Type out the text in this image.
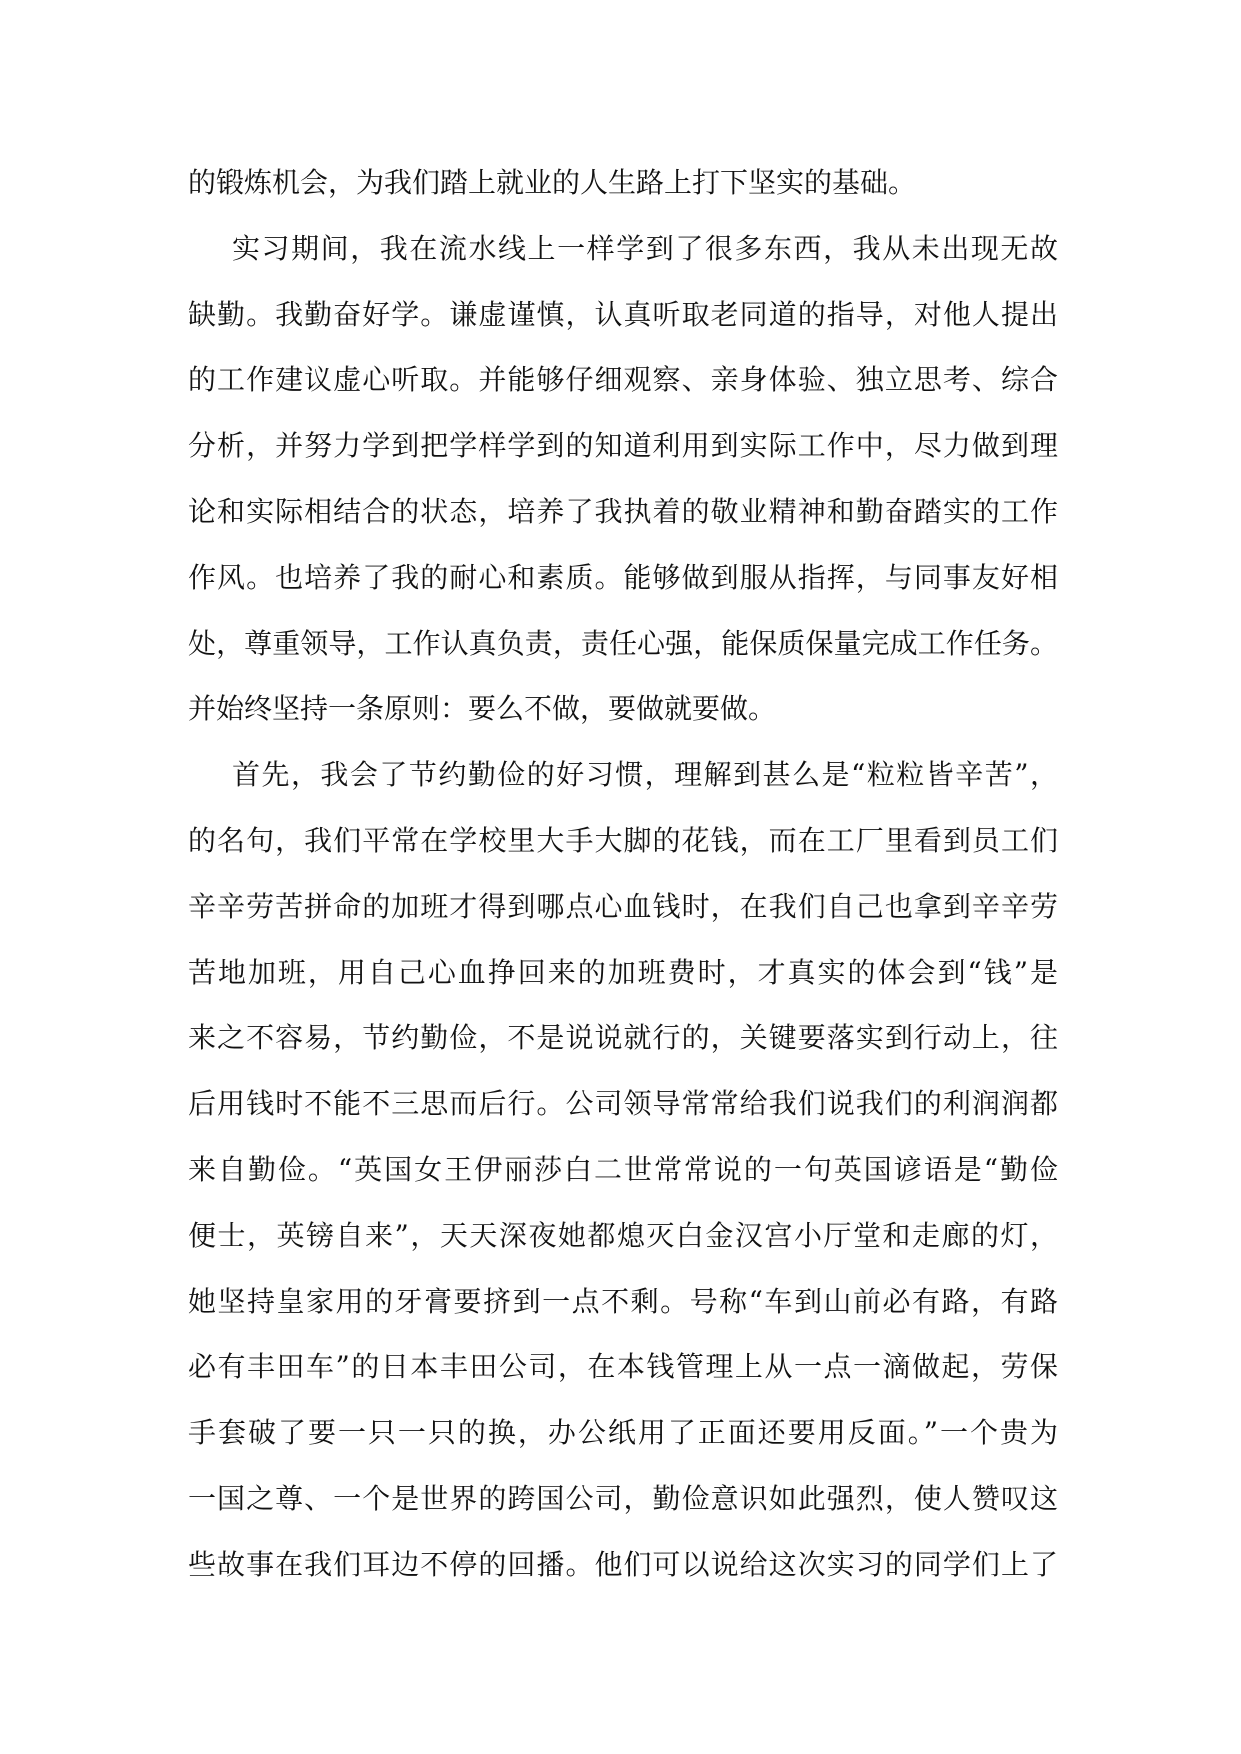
的锻炼机会，为我们踏上就业的人生路上打下坚实的基础。
实习期间，我在流水线上一样学到了很多东西，我从未出现无故
缺勤。我勤奋好学。谦虚谨慎，认真听取老同道的指导，对他人提出
的工作建议虚心听取。并能够仔细观察、亲身体验、独立思考、综合
分析，并努力学到把学样学到的知道利用到实际工作中，尽力做到理
论和实际相结合的状态，培养了我执着的敬业精神和勤奋踏实的工作
作风。也培养了我的耐心和素质。能够做到服从指挥，与同事友好相
处，尊重领导，工作认真负责，责任心强，能保质保量完成工作任务。
并始终坚持一条原则：要么不做，要做就要做。
首先，我会了节约勤俭的好习惯，理解到甚么是“粒粒皆辛苦”，
的名句，我们平常在学校里大手大脚的花钱，而在工厂里看到员工们
辛辛劳苦拼命的加班才得到哪点心血钱时，在我们自己也拿到辛辛劳
苦地加班，用自己心血挣回来的加班费时，才真实的体会到“钱”是
来之不容易，节约勤俭，不是说说就行的，关键要落实到行动上，往
后用钱时不能不三思而后行。公司领导常常给我们说我们的利润润都
来自勤俭。“英国女王伊丽莎白二世常常说的一句英国谚语是“勤俭
便士，英镑自来”，天天深夜她都熄灭白金汉宫小厅堂和走廊的灯，
她坚持皇家用的牙膏要挤到一点不剩。号称“车到山前必有路，有路
必有丰田车”的日本丰田公司，在本钱管理上从一点一滴做起，劳保
手套破了要一只一只的换，办公纸用了正面还要用反面。”一个贵为
一国之尊、一个是世界的跨国公司，勤俭意识如此强烈，使人赞叹这
些故事在我们耳边不停的回播。他们可以说给这次实习的同学们上了
